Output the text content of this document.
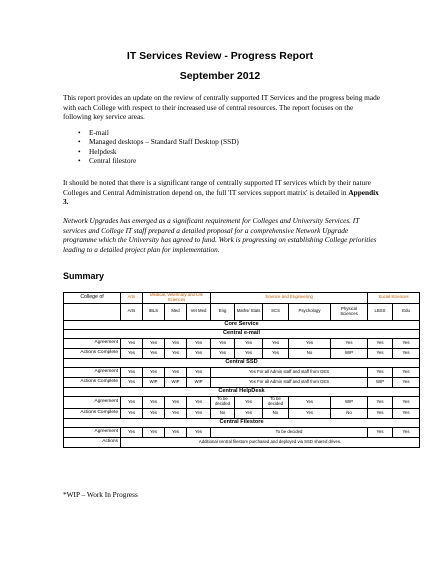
IT Services Review - Progress Report
September 2012

This report provides an update on the review of centrally supported IT Services and the progress being made with each College with respect to their increased use of central resources. The report focuses on the following key service areas.

• E-mail
• Managed desktops – Standard Staff Desktop (SSD)
• Helpdesk
• Central filestore

It should be noted that there is a significant range of centrally supported IT services which by their nature Colleges and Central Administration depend on, the full 'IT services support matrix' is detailed in Appendix 3.

Network Upgrades has emerged as a significant requirement for Colleges and University Services. IT services and College IT staff prepared a detailed proposal for a comprehensive Network Upgrade programme which the University has agreed to fund. Work is progressing on establishing College priorities leading to a detailed project plan for implementation.

Summary
College of	Arts	Medical, Veterinary and Life Sciences			Science and Engineering					Social Sciences	
	Arts	IBLS	Med	Vet Med	Eng	Maths/ Stats	SCS	Psychology	Physical Sciences	LBSS	Edu
Core Service											
Central e-mail											
Agreement	Yes	Yes	Yes	Yes	Yes	Yes	Yes	Yes	Yes	Yes	Yes
Actions Complete	Yes	Yes	Yes	Yes	Yes	Yes	Yes	No	WIP	Yes	Yes
Central SSD											
Agreement	Yes	Yes	Yes	Yes	Yes For all Admin staff and staff from GES					Yes	Yes
Actions Complete	Yes	WIP	WIP	WIP	Yes For all Admin staff and staff from GES					WIP	Yes
Central HelpDesk											
Agreement	Yes	Yes	Yes	Yes	To be decided	Yes	To be decided	Yes	WIP	Yes	Yes
Actions Complete	Yes	Yes	Yes	Yes	No	Yes	No	Yes	No	Yes	Yes
Central Filestore											
Agreement	Yes	Yes	Yes	Yes	To be decided					Yes	Yes
Actions	Additional central filestore purchased and deployed via SSD shared drives.										
*WIP – Work In Progress
